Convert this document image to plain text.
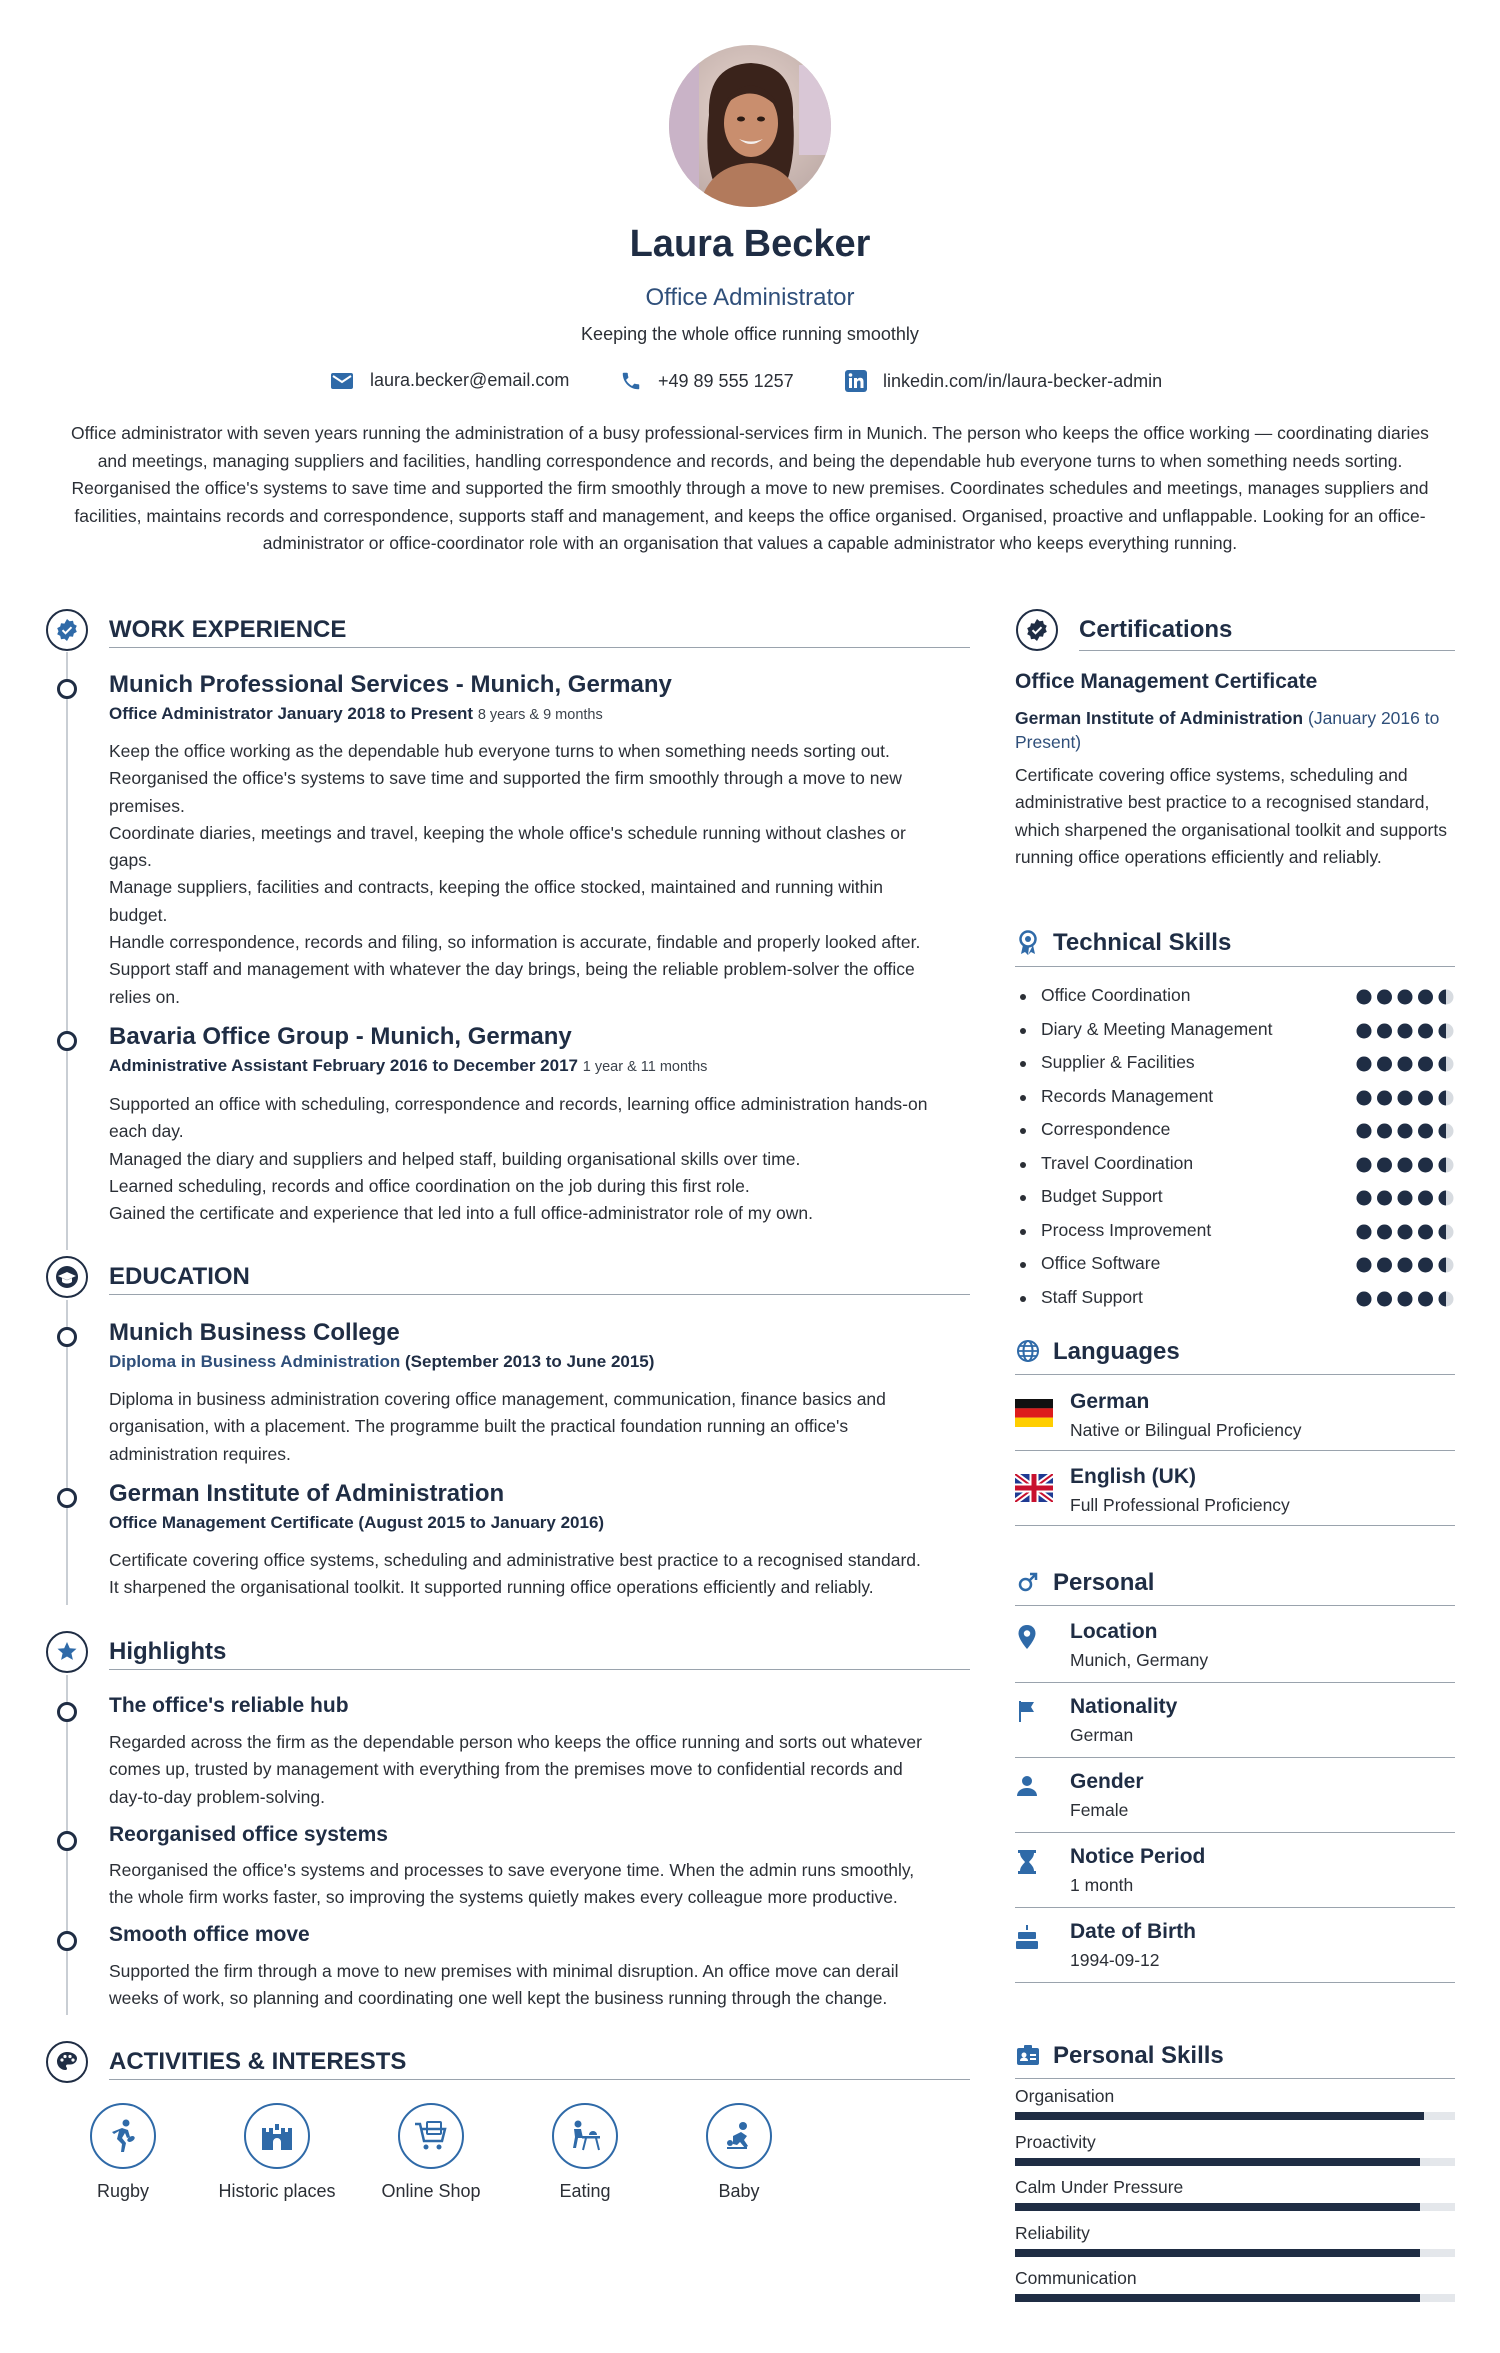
Laura Becker
Office Administrator
Keeping the whole office running smoothly
laura.becker@email.com	+49 89 555 1257	linkedin.com/in/laura-becker-admin
Office administrator with seven years running the administration of a busy professional-services firm in Munich. The person who keeps the office working — coordinating diaries and meetings, managing suppliers and facilities, handling correspondence and records, and being the dependable hub everyone turns to when something needs sorting. Reorganised the office's systems to save time and supported the firm smoothly through a move to new premises. Coordinates schedules and meetings, manages suppliers and facilities, maintains records and correspondence, supports staff and management, and keeps the office organised. Organised, proactive and unflappable. Looking for an office-administrator or office-coordinator role with an organisation that values a capable administrator who keeps everything running.
WORK EXPERIENCE
Munich Professional Services - Munich, Germany
Office Administrator January 2018 to Present 8 years & 9 months
Keep the office working as the dependable hub everyone turns to when something needs sorting out.
Reorganised the office's systems to save time and supported the firm smoothly through a move to new
premises.
Coordinate diaries, meetings and travel, keeping the whole office's schedule running without clashes or
gaps.
Manage suppliers, facilities and contracts, keeping the office stocked, maintained and running within
budget.
Handle correspondence, records and filing, so information is accurate, findable and properly looked after.
Support staff and management with whatever the day brings, being the reliable problem-solver the office
relies on.
Bavaria Office Group - Munich, Germany
Administrative Assistant February 2016 to December 2017 1 year & 11 months
Supported an office with scheduling, correspondence and records, learning office administration hands-on
each day.
Managed the diary and suppliers and helped staff, building organisational skills over time.
Learned scheduling, records and office coordination on the job during this first role.
Gained the certificate and experience that led into a full office-administrator role of my own.
EDUCATION
Munich Business College
Diploma in Business Administration (September 2013 to June 2015)
Diploma in business administration covering office management, communication, finance basics and
organisation, with a placement. The programme built the practical foundation running an office's
administration requires.
German Institute of Administration
Office Management Certificate (August 2015 to January 2016)
Certificate covering office systems, scheduling and administrative best practice to a recognised standard.
It sharpened the organisational toolkit. It supported running office operations efficiently and reliably.
Highlights
The office's reliable hub
Regarded across the firm as the dependable person who keeps the office running and sorts out whatever
comes up, trusted by management with everything from the premises move to confidential records and
day-to-day problem-solving.
Reorganised office systems
Reorganised the office's systems and processes to save everyone time. When the admin runs smoothly,
the whole firm works faster, so improving the systems quietly makes every colleague more productive.
Smooth office move
Supported the firm through a move to new premises with minimal disruption. An office move can derail
weeks of work, so planning and coordinating one well kept the business running through the change.
ACTIVITIES & INTERESTS
Rugby	Historic places	Online Shop	Eating	Baby
Certifications
Office Management Certificate
German Institute of Administration (January 2016 to Present)
Certificate covering office systems, scheduling and administrative best practice to a recognised standard, which sharpened the organisational toolkit and supports running office operations efficiently and reliably.
Technical Skills
Office Coordination
Diary & Meeting Management
Supplier & Facilities
Records Management
Correspondence
Travel Coordination
Budget Support
Process Improvement
Office Software
Staff Support
Languages
German
Native or Bilingual Proficiency
English (UK)
Full Professional Proficiency
Personal
Location
Munich, Germany
Nationality
German
Gender
Female
Notice Period
1 month
Date of Birth
1994-09-12
Personal Skills
Organisation
Proactivity
Calm Under Pressure
Reliability
Communication
